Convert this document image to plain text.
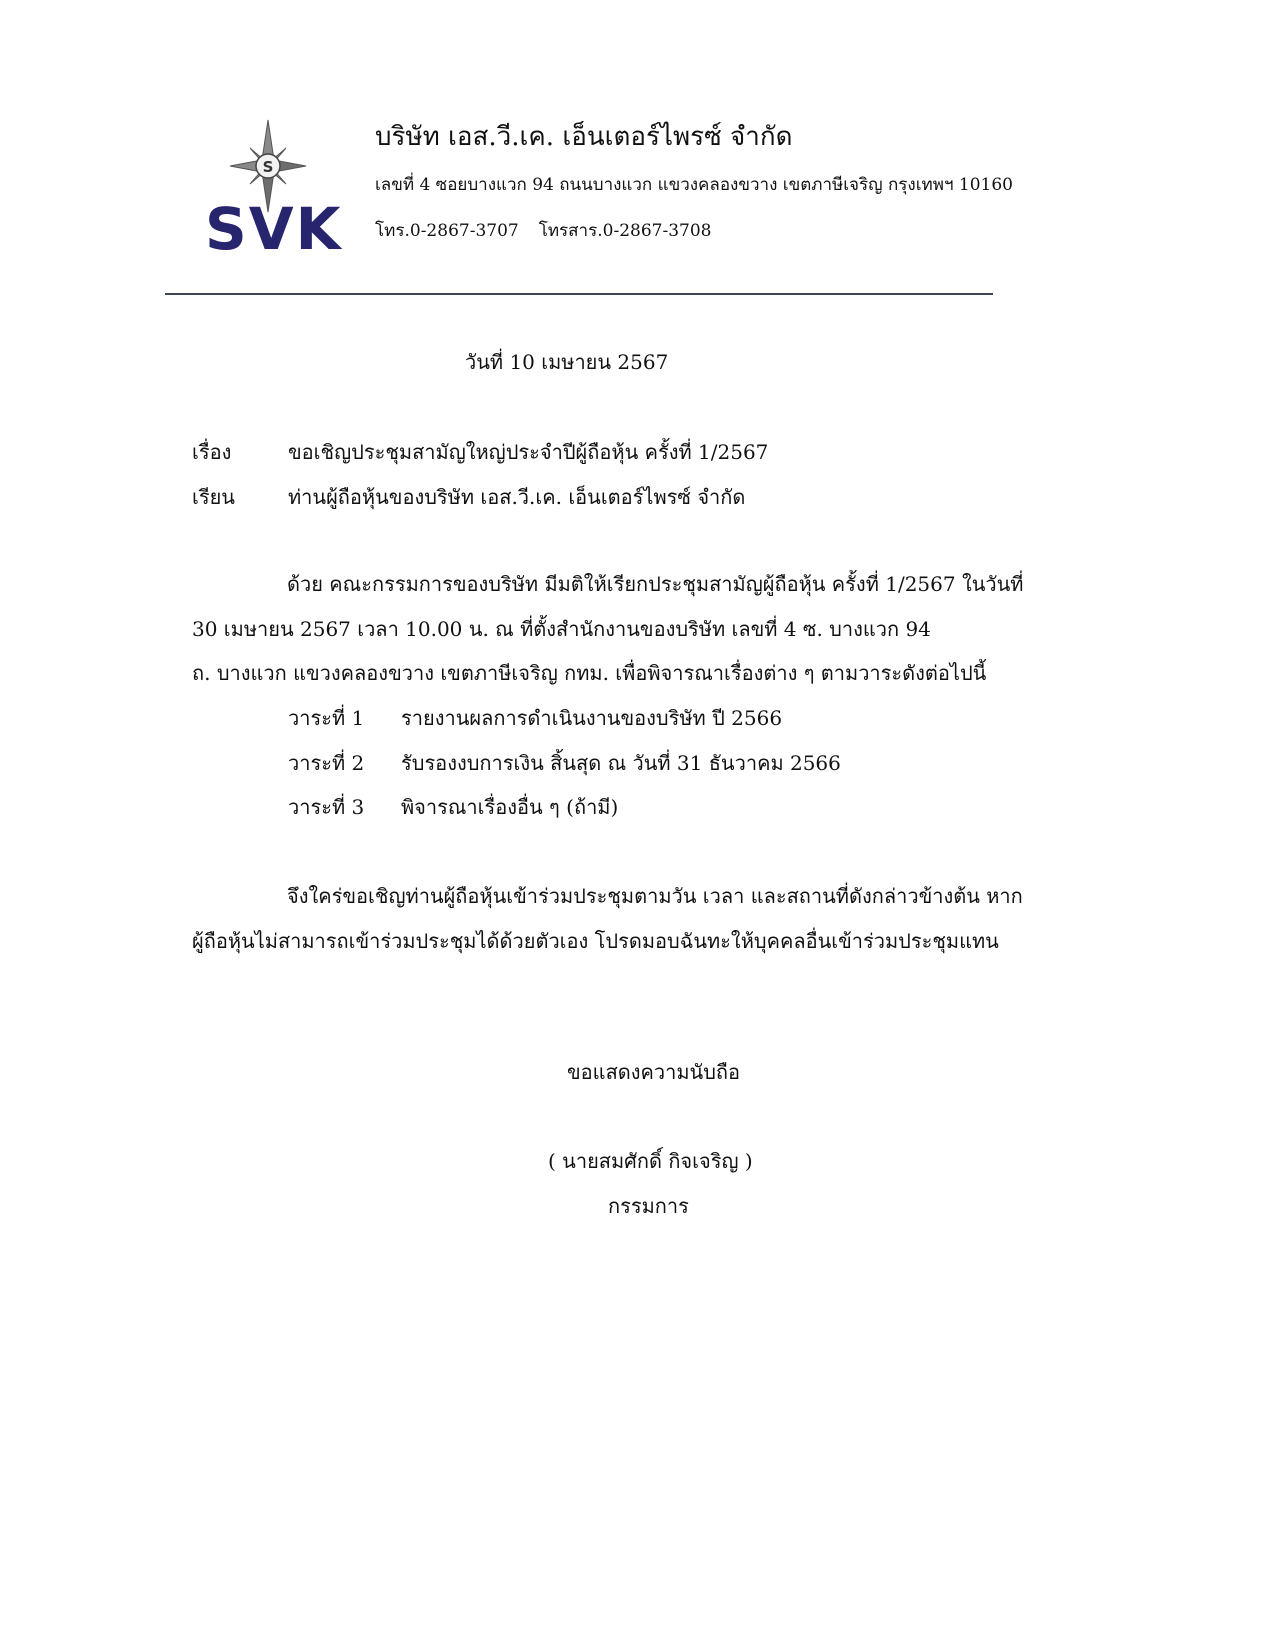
S
SVK
บริษัท เอส.วี.เค. เอ็นเตอร์ไพรซ์ จำกัด
เลขที่ 4 ซอยบางแวก 94 ถนนบางแวก แขวงคลองขวาง เขตภาษีเจริญ กรุงเทพฯ 10160
โทร.0-2867-3707 โทรสาร.0-2867-3708
วันที่ 10 เมษายน 2567
เรื่อง	ขอเชิญประชุมสามัญใหญ่ประจำปีผู้ถือหุ้น ครั้งที่ 1/2567
เรียน	ท่านผู้ถือหุ้นของบริษัท เอส.วี.เค. เอ็นเตอร์ไพรซ์ จำกัด
ด้วย คณะกรรมการของบริษัท มีมติให้เรียกประชุมสามัญผู้ถือหุ้น ครั้งที่ 1/2567 ในวันที่
30 เมษายน 2567 เวลา 10.00 น. ณ ที่ตั้งสำนักงานของบริษัท เลขที่ 4 ซ. บางแวก 94
ถ. บางแวก แขวงคลองขวาง เขตภาษีเจริญ กทม. เพื่อพิจารณาเรื่องต่าง ๆ ตามวาระดังต่อไปนี้
วาระที่ 1 รายงานผลการดำเนินงานของบริษัท ปี 2566
วาระที่ 2 รับรองงบการเงิน สิ้นสุด ณ วันที่ 31 ธันวาคม 2566
วาระที่ 3 พิจารณาเรื่องอื่น ๆ (ถ้ามี)
จึงใคร่ขอเชิญท่านผู้ถือหุ้นเข้าร่วมประชุมตามวัน เวลา และสถานที่ดังกล่าวข้างต้น หาก
ผู้ถือหุ้นไม่สามารถเข้าร่วมประชุมได้ด้วยตัวเอง โปรดมอบฉันทะให้บุคคลอื่นเข้าร่วมประชุมแทน
ขอแสดงความนับถือ
( นายสมศักดิ์ กิจเจริญ )
กรรมการ
